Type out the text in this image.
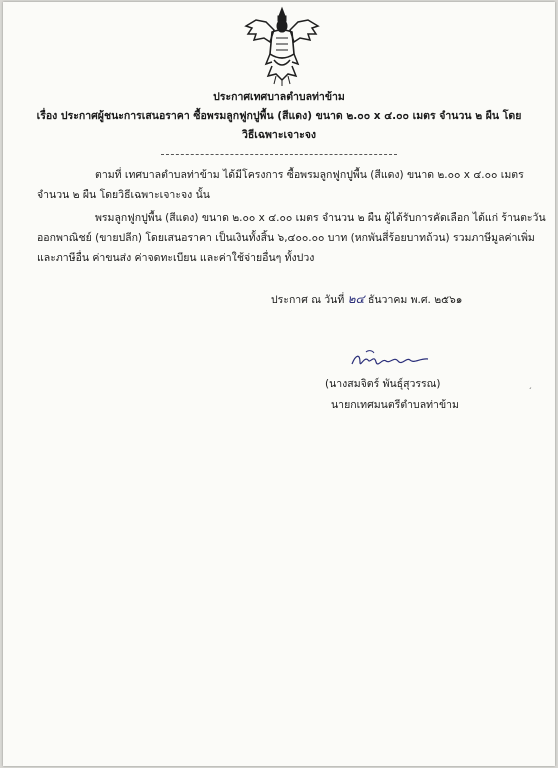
ประกาศเทศบาลตำบลท่าข้าม
เรื่อง ประกาศผู้ชนะการเสนอราคา ซื้อพรมลูกฟูกปูพื้น (สีแดง) ขนาด ๒.๐๐ x ๔.๐๐ เมตร จำนวน ๒ ผืน โดย
วิธีเฉพาะเจาะจง
ตามที่ เทศบาลตำบลท่าข้าม ได้มีโครงการ ซื้อพรมลูกฟูกปูพื้น (สีแดง) ขนาด ๒.๐๐ x ๔.๐๐ เมตร
จำนวน ๒ ผืน โดยวิธีเฉพาะเจาะจง นั้น
พรมลูกฟูกปูพื้น (สีแดง) ขนาด ๒.๐๐ x ๔.๐๐ เมตร จำนวน ๒ ผืน ผู้ได้รับการคัดเลือก ได้แก่ ร้านตะวัน
ออกพาณิชย์ (ขายปลีก) โดยเสนอราคา เป็นเงินทั้งสิ้น ๖,๔๐๐.๐๐ บาท (หกพันสี่ร้อยบาทถ้วน) รวมภาษีมูลค่าเพิ่ม
และภาษีอื่น ค่าขนส่ง ค่าจดทะเบียน และค่าใช้จ่ายอื่นๆ ทั้งปวง
ประกาศ ณ วันที่ ๒๔ ธันวาคม พ.ศ. ๒๕๖๑
(นางสมจิตร์ พันธุ์สุวรรณ)
นายกเทศมนตรีตำบลท่าข้าม
ˏ
